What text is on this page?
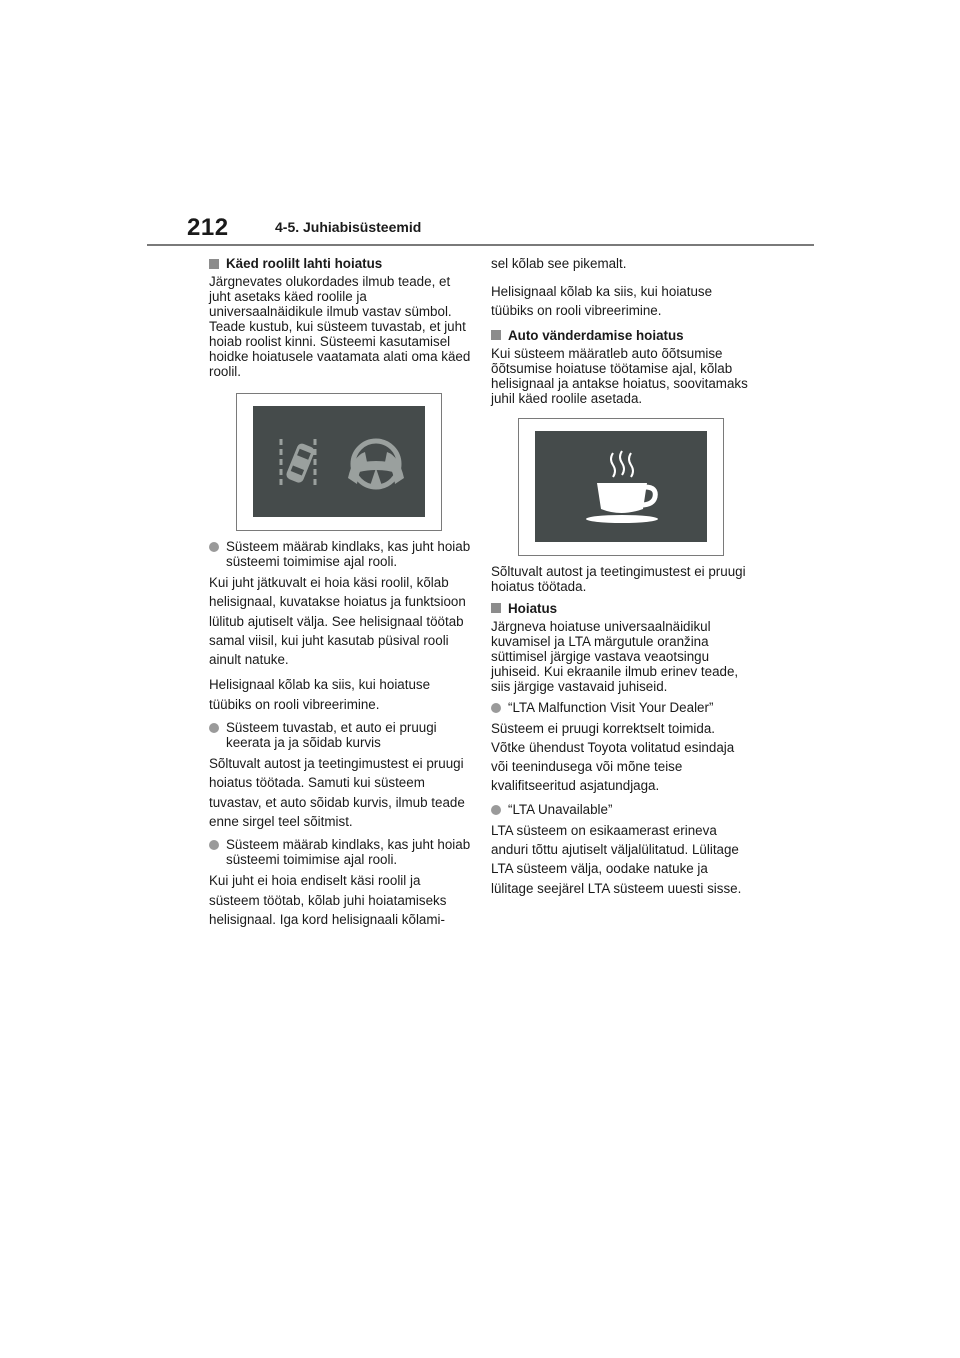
212	4-5. Juhiabisüsteemid
Käed roolilt lahti hoiatus

Järgnevates olukordades ilmub teade, et juht asetaks käed roolile ja universaalnäidikule ilmub vastav sümbol. Teade kustub, kui süsteem tuvastab, et juht hoiab roolist kinni. Süsteemi kasutamisel hoidke hoiatusele vaatamata alati oma käed roolil.

Süsteem määrab kindlaks, kas juht hoiab süsteemi toimimise ajal rooli.

Kui juht jätkuvalt ei hoia käsi roolil, kõlab helisignaal, kuvatakse hoiatus ja funktsioon lülitub ajutiselt välja. See helisignaal töötab samal viisil, kui juht kasutab püsival rooli ainult natuke.

Helisignaal kõlab ka siis, kui hoiatuse tüübiks on rooli vibreerimine.

Süsteem tuvastab, et auto ei pruugi keerata ja ja sõidab kurvis

Sõltuvalt autost ja teetingimustest ei pruugi hoiatus töötada. Samuti kui süsteem tuvastav, et auto sõidab kurvis, ilmub teade enne sirgel teel sõitmist.

Süsteem määrab kindlaks, kas juht hoiab süsteemi toimimise ajal rooli.

Kui juht ei hoia endiselt käsi roolil ja süsteem töötab, kõlab juhi hoiatamiseks helisignaal. Iga kord helisignaali kõlami-

sel kõlab see pikemalt.

Helisignaal kõlab ka siis, kui hoiatuse tüübiks on rooli vibreerimine.

Auto vänderdamise hoiatus

Kui süsteem määratleb auto õõtsumise õõtsumise hoiatuse töötamise ajal, kõlab helisignaal ja antakse hoiatus, soovitamaks juhil käed roolile asetada.

Sõltuvalt autost ja teetingimustest ei pruugi hoiatus töötada.

Hoiatus

Järgneva hoiatuse universaalnäidikul kuvamisel ja LTA märgutule oranžina süttimisel järgige vastava veaotsingu juhiseid. Kui ekraanile ilmub erinev teade, siis järgige vastavaid juhiseid.

“LTA Malfunction Visit Your Dealer”

Süsteem ei pruugi korrektselt toimida. Võtke ühendust Toyota volitatud esindaja või teenindusega või mõne teise kvalifitseeritud asjatundjaga.

“LTA Unavailable”

LTA süsteem on esikaamerast erineva anduri tõttu ajutiselt väljalülitatud. Lülitage LTA süsteem välja, oodake natuke ja lülitage seejärel LTA süsteem uuesti sisse.
